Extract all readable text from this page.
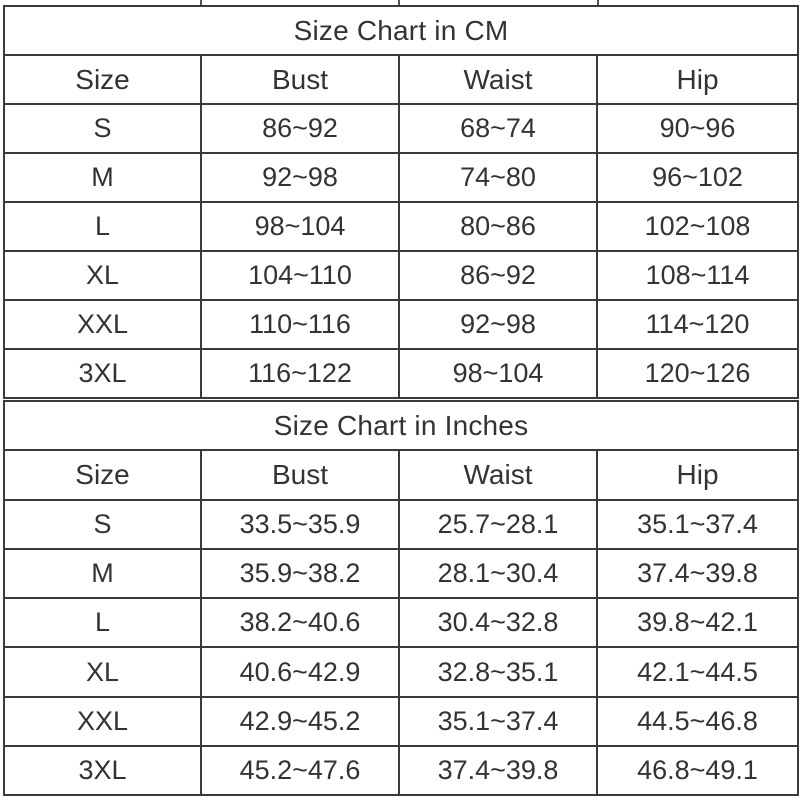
Size Chart in CM			
Size	Bust	Waist	Hip
S	86~92	68~74	90~96
M	92~98	74~80	96~102
L	98~104	80~86	102~108
XL	104~110	86~92	108~114
XXL	110~116	92~98	114~120
3XL	116~122	98~104	120~126
Size Chart in Inches			
Size	Bust	Waist	Hip
S	33.5~35.9	25.7~28.1	35.1~37.4
M	35.9~38.2	28.1~30.4	37.4~39.8
L	38.2~40.6	30.4~32.8	39.8~42.1
XL	40.6~42.9	32.8~35.1	42.1~44.5
XXL	42.9~45.2	35.1~37.4	44.5~46.8
3XL	45.2~47.6	37.4~39.8	46.8~49.1
